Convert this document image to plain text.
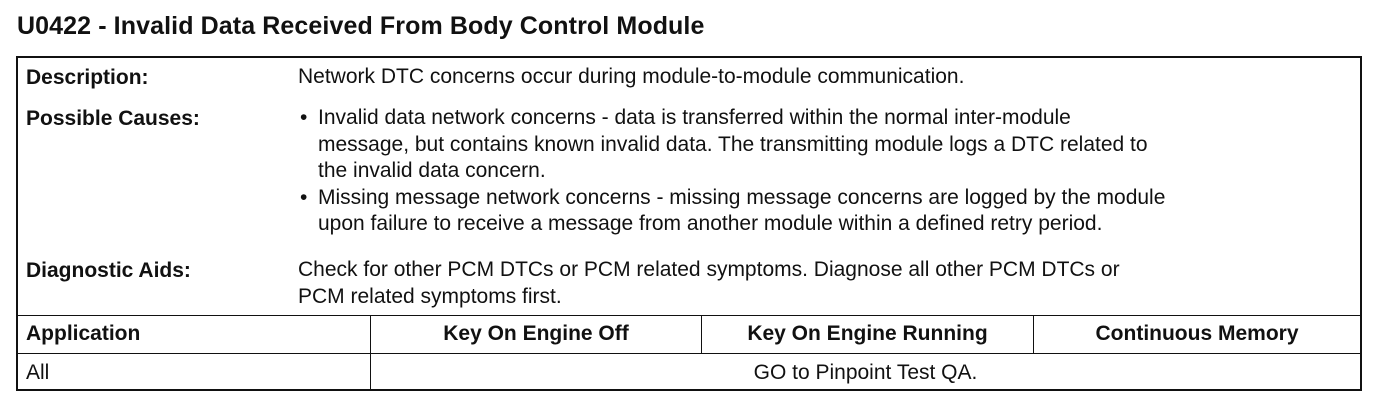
U0422 - Invalid Data Received From Body Control Module
Description:	Network DTC concerns occur during module-to-module communication.
Possible Causes:	• Invalid data network concerns - data is transferred within the normal inter-module
message, but contains known invalid data. The transmitting module logs a DTC related to
the invalid data concern.
• Missing message network concerns - missing message concerns are logged by the module
upon failure to receive a message from another module within a defined retry period.
Diagnostic Aids:	Check for other PCM DTCs or PCM related symptoms. Diagnose all other PCM DTCs or
PCM related symptoms first.
Application	Key On Engine Off	Key On Engine Running	Continuous Memory
All	GO to Pinpoint Test QA.
